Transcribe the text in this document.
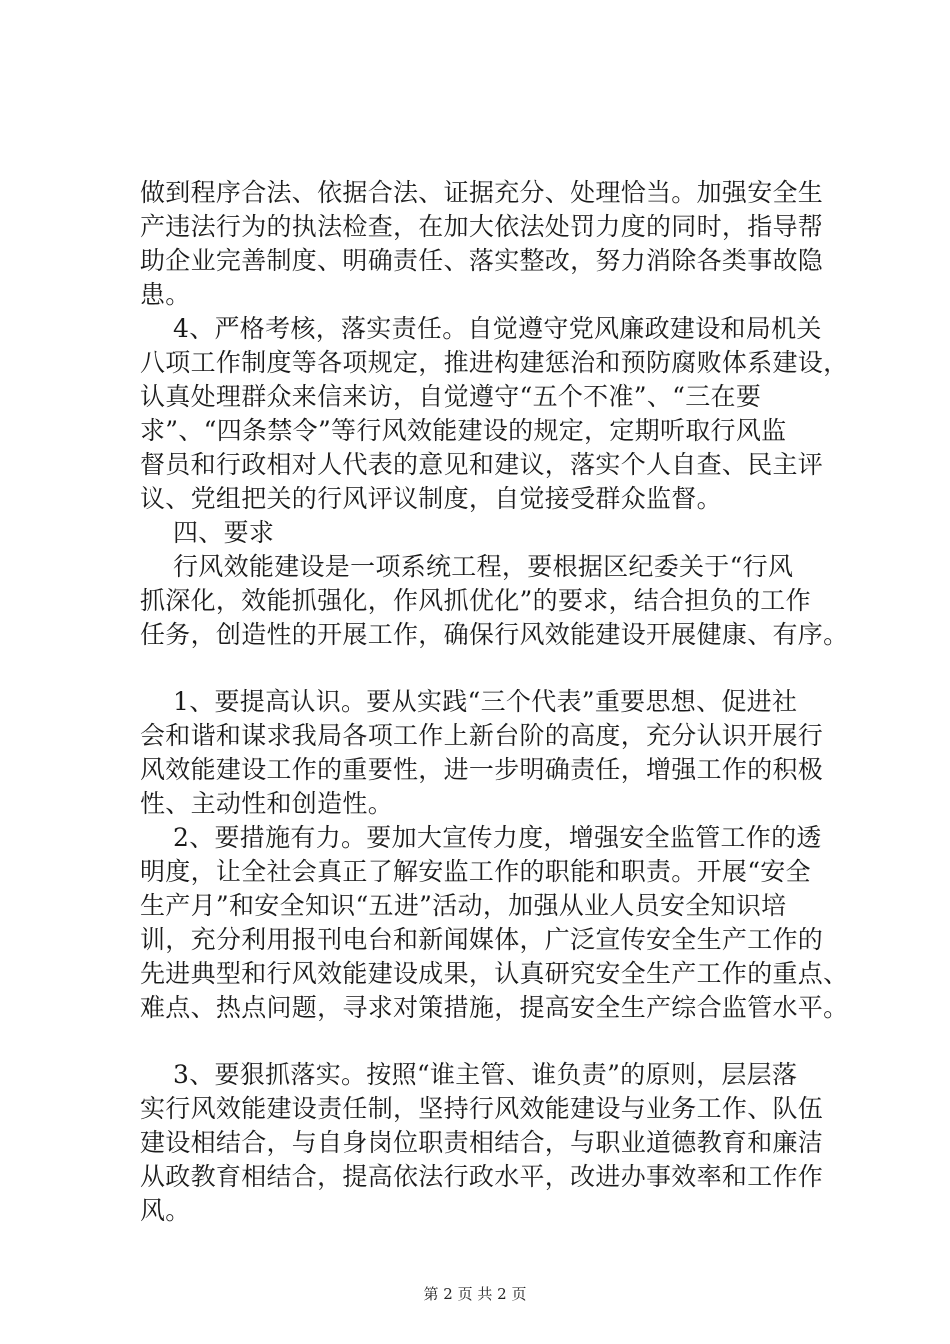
做到程序合法、依据合法、证据充分、处理恰当。加强安全生
产违法行为的执法检查，在加大依法处罚力度的同时，指导帮
助企业完善制度、明确责任、落实整改，努力消除各类事故隐
患。
4、严格考核，落实责任。自觉遵守党风廉政建设和局机关
八项工作制度等各项规定，推进构建惩治和预防腐败体系建设，
认真处理群众来信来访，自觉遵守“五个不准”、“三在要
求”、“四条禁令”等行风效能建设的规定，定期听取行风监
督员和行政相对人代表的意见和建议，落实个人自查、民主评
议、党组把关的行风评议制度，自觉接受群众监督。
四、要求
行风效能建设是一项系统工程，要根据区纪委关于“行风
抓深化，效能抓强化，作风抓优化”的要求，结合担负的工作
任务，创造性的开展工作，确保行风效能建设开展健康、有序。
1、要提高认识。要从实践“三个代表”重要思想、促进社
会和谐和谋求我局各项工作上新台阶的高度，充分认识开展行
风效能建设工作的重要性，进一步明确责任，增强工作的积极
性、主动性和创造性。
2、要措施有力。要加大宣传力度，增强安全监管工作的透
明度，让全社会真正了解安监工作的职能和职责。开展“安全
生产月”和安全知识“五进”活动，加强从业人员安全知识培
训，充分利用报刊电台和新闻媒体，广泛宣传安全生产工作的
先进典型和行风效能建设成果，认真研究安全生产工作的重点、
难点、热点问题，寻求对策措施，提高安全生产综合监管水平。
3、要狠抓落实。按照“谁主管、谁负责”的原则，层层落
实行风效能建设责任制，坚持行风效能建设与业务工作、队伍
建设相结合，与自身岗位职责相结合，与职业道德教育和廉洁
从政教育相结合，提高依法行政水平，改进办事效率和工作作
风。
第 2 页 共 2 页
